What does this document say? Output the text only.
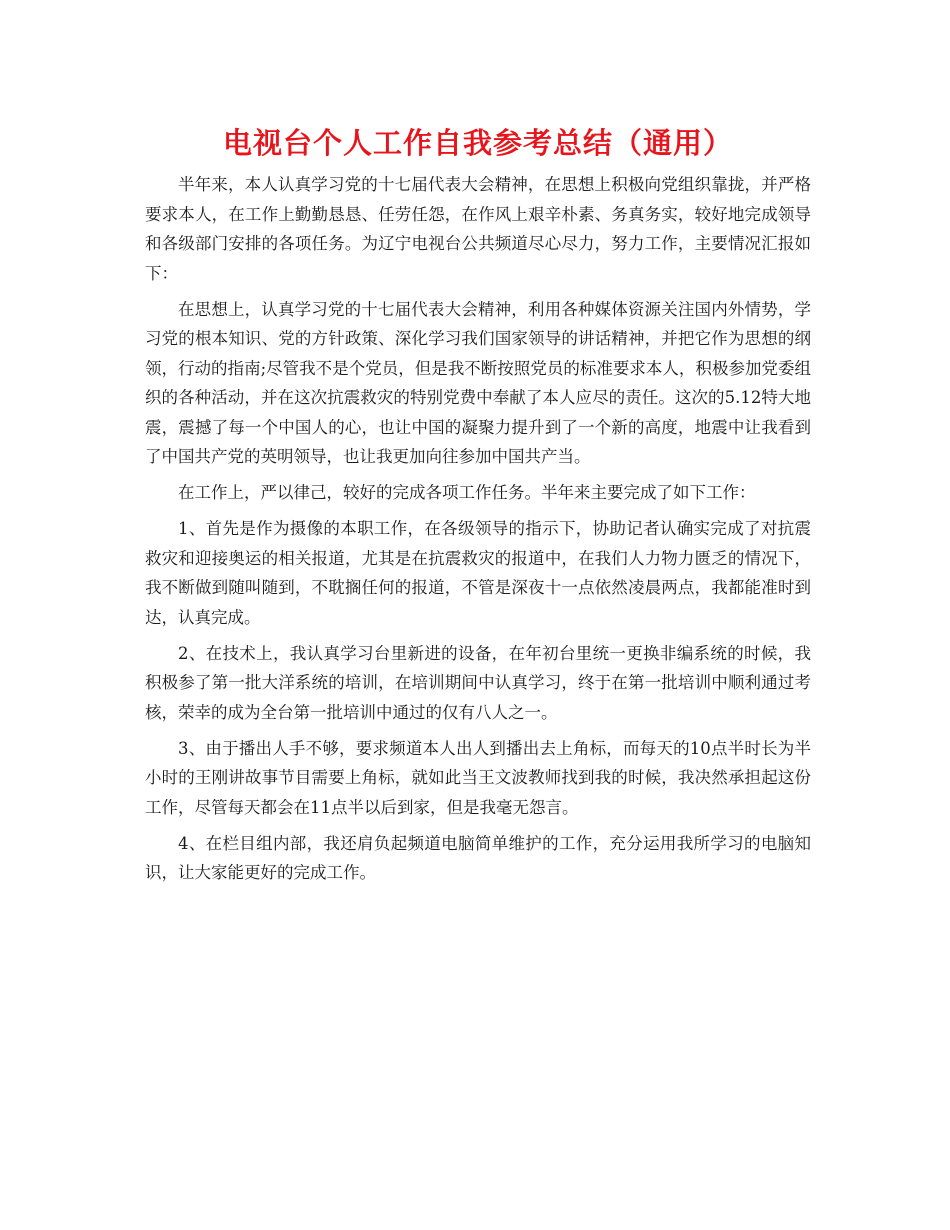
电视台个人工作自我参考总结（通用）

半年来，本人认真学习党的十七届代表大会精神，在思想上积极向党组织靠拢，并严格要求本人，在工作上勤勤恳恳、任劳任怨，在作风上艰辛朴素、务真务实，较好地完成领导和各级部门安排的各项任务。为辽宁电视台公共频道尽心尽力，努力工作，主要情况汇报如下：

在思想上，认真学习党的十七届代表大会精神，利用各种媒体资源关注国内外情势，学习党的根本知识、党的方针政策、深化学习我们国家领导的讲话精神，并把它作为思想的纲领，行动的指南;尽管我不是个党员，但是我不断按照党员的标准要求本人，积极参加党委组织的各种活动，并在这次抗震救灾的特别党费中奉献了本人应尽的责任。这次的5.12特大地震，震撼了每一个中国人的心，也让中国的凝聚力提升到了一个新的高度，地震中让我看到了中国共产党的英明领导，也让我更加向往参加中国共产当。

在工作上，严以律己，较好的完成各项工作任务。半年来主要完成了如下工作：

1、首先是作为摄像的本职工作，在各级领导的指示下，协助记者认确实完成了对抗震救灾和迎接奥运的相关报道，尤其是在抗震救灾的报道中，在我们人力物力匮乏的情况下，我不断做到随叫随到，不耽搁任何的报道，不管是深夜十一点依然凌晨两点，我都能准时到达，认真完成。

2、在技术上，我认真学习台里新进的设备，在年初台里统一更换非编系统的时候，我积极参了第一批大洋系统的培训，在培训期间中认真学习，终于在第一批培训中顺利通过考核，荣幸的成为全台第一批培训中通过的仅有八人之一。

3、由于播出人手不够，要求频道本人出人到播出去上角标，而每天的10点半时长为半小时的王刚讲故事节目需要上角标，就如此当王文波教师找到我的时候，我决然承担起这份工作，尽管每天都会在11点半以后到家，但是我毫无怨言。

4、在栏目组内部，我还肩负起频道电脑简单维护的工作，充分运用我所学习的电脑知识，让大家能更好的完成工作。
